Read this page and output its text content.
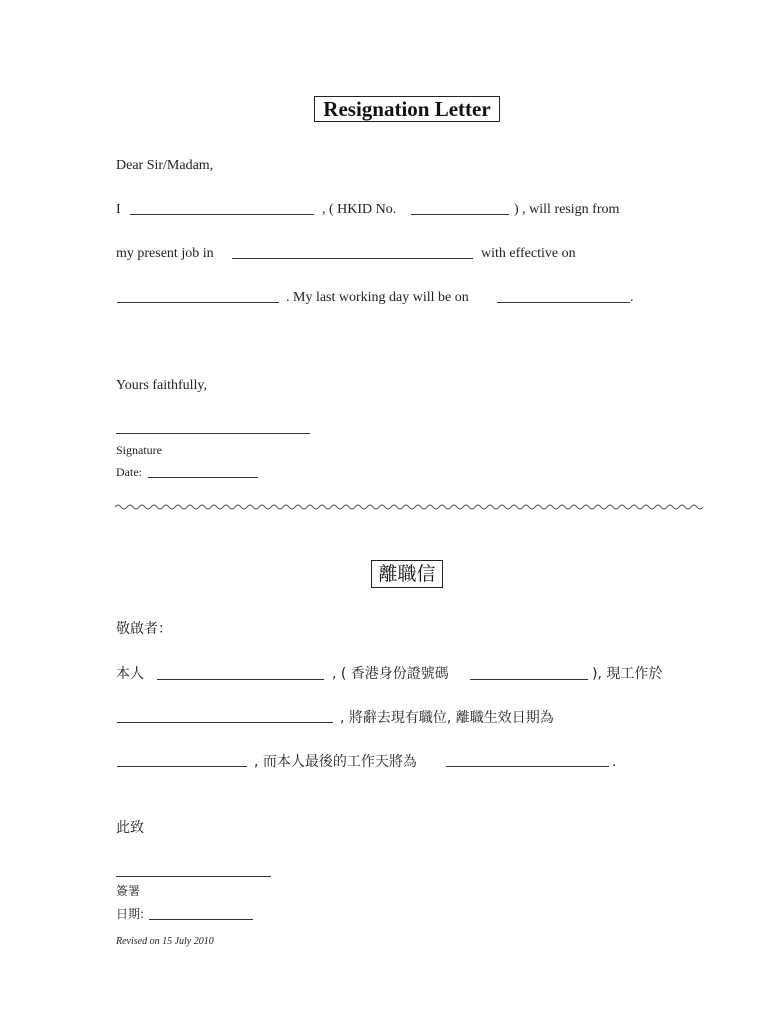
Resignation Letter
Dear Sir/Madam,
I	, ( HKID No.	) , will resign from
my present job in	with effective on
. My last working day will be on	.
Yours faithfully,
Signature
Date:
離職信
敬啟者：
本人	, ( 香港身份證號碼	), 現工作於
, 將辭去現有職位, 離職生效日期為
, 而本人最後的工作天將為	.
此致
簽署
日期:
Revised on 15 July 2010
